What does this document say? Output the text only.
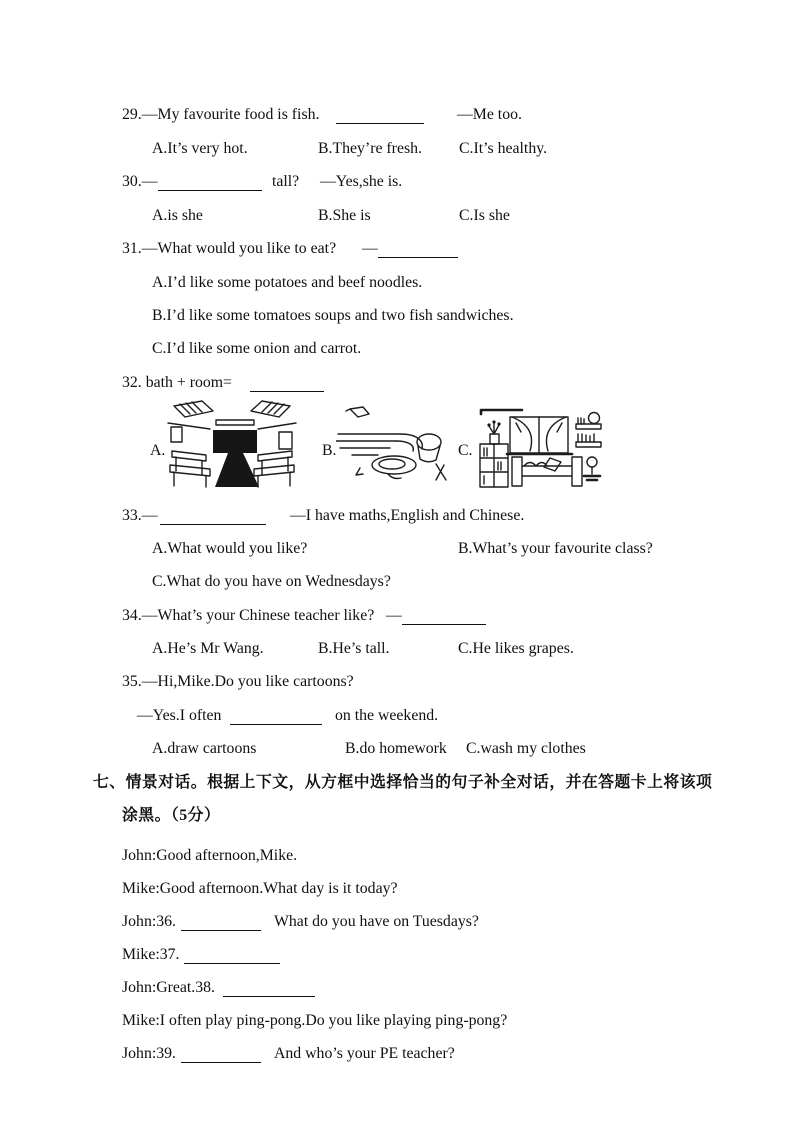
29.—My favourite food is fish.	—Me too.
A.It’s very hot.	B.They’re fresh. C.It’s healthy.
30.—	tall? —Yes,she is.
A.is she	B.She is	C.Is she
31.—What would you like to eat? —
A.I’d like some potatoes and beef noodles.
B.I’d like some tomatoes soups and two fish sandwiches.
C.I’d like some onion and carrot.
32. bath + room=
A.	B.	C.
33.—	—I have maths,English and Chinese.
A.What would you like?	B.What’s your favourite class?
C.What do you have on Wednesdays?
34.—What’s your Chinese teacher like? —
A.He’s Mr Wang.	B.He’s tall.	C.He likes grapes.
35.—Hi,Mike.Do you like cartoons?
—Yes.I often	on the weekend.
A.draw cartoons	B.do homework C.wash my clothes
七、情景对话。根据上下文，从方框中选择恰当的句子补全对话，并在答题卡上将该项
涂黑。（5分）
John:Good afternoon,Mike.
Mike:Good afternoon.What day is it today?
John:36.	What do you have on Tuesdays?
Mike:37.
John:Great.38.
Mike:I often play ping-pong.Do you like playing ping-pong?
John:39.	And who’s your PE teacher?
